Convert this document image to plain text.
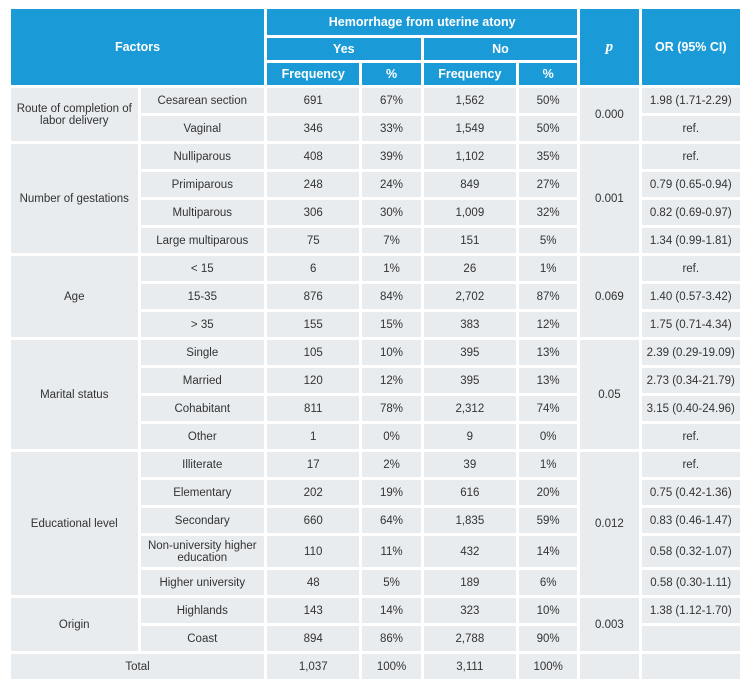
Factors		Hemorrhage from uterine atony				p	OR (95% CI)
		Yes		No			
		Frequency	%	Frequency	%		
Route of completion of labor delivery	Cesarean section	691	67%	1,562	50%	0.000	1.98 (1.71-2.29)
	Vaginal	346	33%	1,549	50%		ref.
Number of gestations	Nulliparous	408	39%	1,102	35%	0.001	ref.
	Primiparous	248	24%	849	27%		0.79 (0.65-0.94)
	Multiparous	306	30%	1,009	32%		0.82 (0.69-0.97)
	Large multiparous	75	7%	151	5%		1.34 (0.99-1.81)
Age	< 15	6	1%	26	1%	0.069	ref.
	15-35	876	84%	2,702	87%		1.40 (0.57-3.42)
	> 35	155	15%	383	12%		1.75 (0.71-4.34)
Marital status	Single	105	10%	395	13%	0.05	2.39 (0.29-19.09)
	Married	120	12%	395	13%		2.73 (0.34-21.79)
	Cohabitant	811	78%	2,312	74%		3.15 (0.40-24.96)
	Other	1	0%	9	0%		ref.
Educational level	Illiterate	17	2%	39	1%	0.012	ref.
	Elementary	202	19%	616	20%		0.75 (0.42-1.36)
	Secondary	660	64%	1,835	59%		0.83 (0.46-1.47)
	Non-university higher education	110	11%	432	14%		0.58 (0.32-1.07)
	Higher university	48	5%	189	6%		0.58 (0.30-1.11)
Origin	Highlands	143	14%	323	10%	0.003	1.38 (1.12-1.70)
	Coast	894	86%	2,788	90%		
Total		1,037	100%	3,111	100%		
